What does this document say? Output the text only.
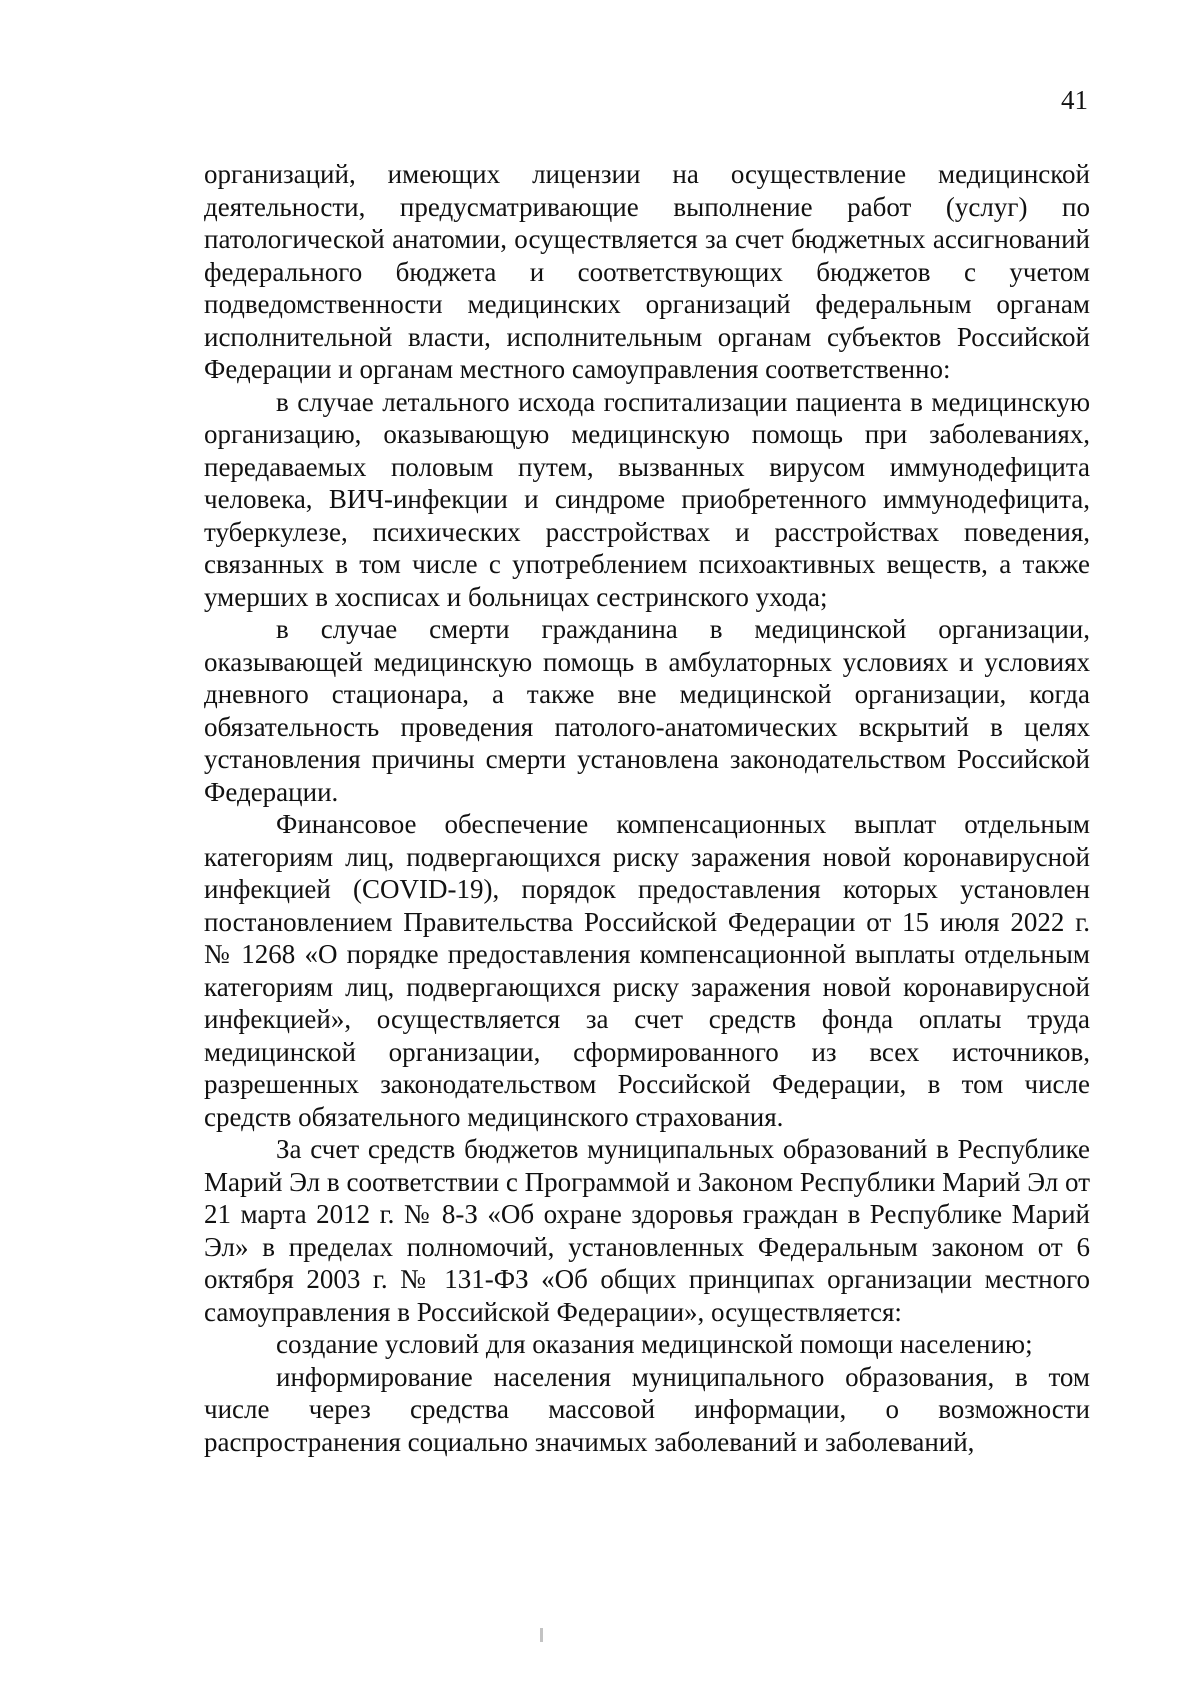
41

организаций, имеющих лицензии на осуществление медицинской деятельности, предусматривающие выполнение работ (услуг) по патологической анатомии, осуществляется за счет бюджетных ассигнований федерального бюджета и соответствующих бюджетов с учетом подведомственности медицинских организаций федеральным органам исполнительной власти, исполнительным органам субъектов Российской Федерации и органам местного самоуправления соответственно:

в случае летального исхода госпитализации пациента в медицинскую организацию, оказывающую медицинскую помощь при заболеваниях, передаваемых половым путем, вызванных вирусом иммунодефицита человека, ВИЧ-инфекции и синдроме приобретенного иммунодефицита, туберкулезе, психических расстройствах и расстройствах поведения, связанных в том числе с употреблением психоактивных веществ, а также умерших в хосписах и больницах сестринского ухода;

в случае смерти гражданина в медицинской организации, оказывающей медицинскую помощь в амбулаторных условиях и условиях дневного стационара, а также вне медицинской организации, когда обязательность проведения патолого-анатомических вскрытий в целях установления причины смерти установлена законодательством Российской Федерации.

Финансовое обеспечение компенсационных выплат отдельным категориям лиц, подвергающихся риску заражения новой коронавирусной инфекцией (COVID-19), порядок предоставления которых установлен постановлением Правительства Российской Федерации от 15 июля 2022 г. № 1268 «О порядке предоставления компенсационной выплаты отдельным категориям лиц, подвергающихся риску заражения новой коронавирусной инфекцией», осуществляется за счет средств фонда оплаты труда медицинской организации, сформированного из всех источников, разрешенных законодательством Российской Федерации, в том числе средств обязательного медицинского страхования.

За счет средств бюджетов муниципальных образований в Республике Марий Эл в соответствии с Программой и Законом Республики Марий Эл от 21 марта 2012 г. № 8-З «Об охране здоровья граждан в Республике Марий Эл» в пределах полномочий, установленных Федеральным законом от 6 октября 2003 г. № 131-ФЗ «Об общих принципах организации местного самоуправления в Российской Федерации», осуществляется:

создание условий для оказания медицинской помощи населению;

информирование населения муниципального образования, в том числе через средства массовой информации, о возможности распространения социально значимых заболеваний и заболеваний,
